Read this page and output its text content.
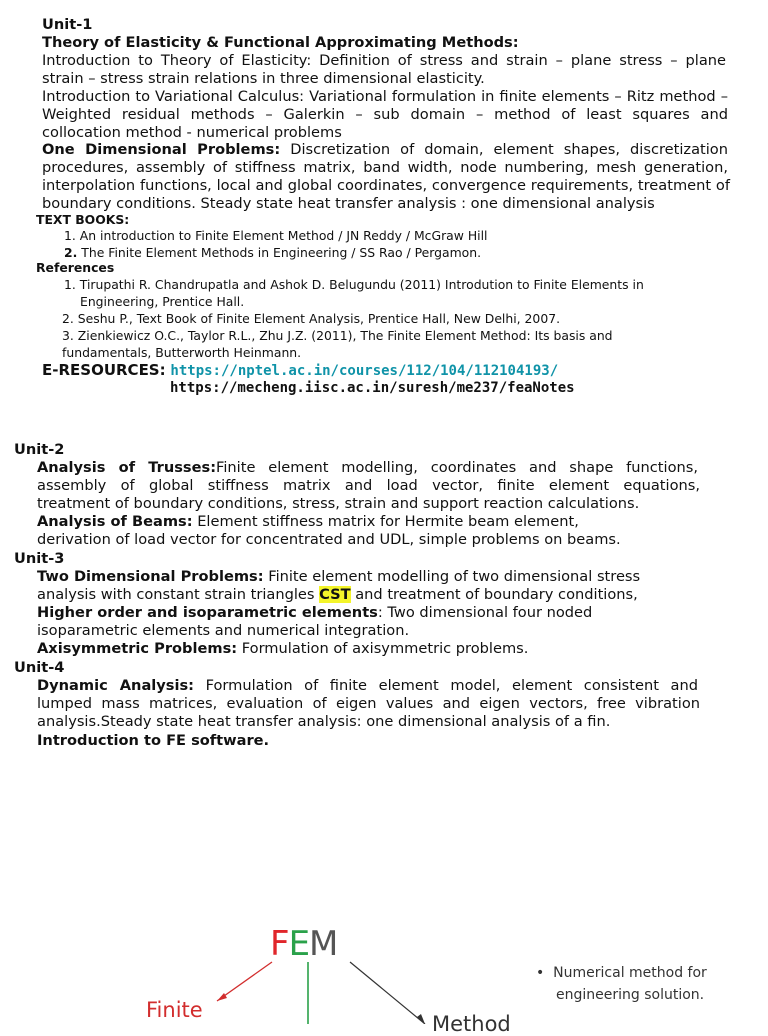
Unit-1
Theory of Elasticity & Functional Approximating Methods:
Introduction to Theory of Elasticity: Definition of stress and strain – plane stress – plane
strain – stress strain relations in three dimensional elasticity.
Introduction to Variational Calculus: Variational formulation in finite elements – Ritz method –
Weighted residual methods – Galerkin – sub domain – method of least squares and
collocation method - numerical problems
One Dimensional Problems: Discretization of domain, element shapes, discretization
procedures, assembly of stiffness matrix, band width, node numbering, mesh generation,
interpolation functions, local and global coordinates, convergence requirements, treatment of
boundary conditions. Steady state heat transfer analysis : one dimensional analysis
TEXT BOOKS:
1. An introduction to Finite Element Method / JN Reddy / McGraw Hill
2. The Finite Element Methods in Engineering / SS Rao / Pergamon.
References
1. Tirupathi R. Chandrupatla and Ashok D. Belugundu (2011) Introdution to Finite Elements in
Engineering, Prentice Hall.
2. Seshu P., Text Book of Finite Element Analysis, Prentice Hall, New Delhi, 2007.
3. Zienkiewicz O.C., Taylor R.L., Zhu J.Z. (2011), The Finite Element Method: Its basis and
fundamentals, Butterworth Heinmann.
E-RESOURCES: https://nptel.ac.in/courses/112/104/112104193/
https://mecheng.iisc.ac.in/suresh/me237/feaNotes
Unit-2
Analysis of Trusses:Finite element modelling, coordinates and shape functions,
assembly of global stiffness matrix and load vector, finite element equations,
treatment of boundary conditions, stress, strain and support reaction calculations.
Analysis of Beams: Element stiffness matrix for Hermite beam element,
derivation of load vector for concentrated and UDL, simple problems on beams.
Unit-3
Two Dimensional Problems: Finite element modelling of two dimensional stress
analysis with constant strain triangles CST and treatment of boundary conditions,
Higher order and isoparametric elements: Two dimensional four noded
isoparametric elements and numerical integration.
Axisymmetric Problems: Formulation of axisymmetric problems.
Unit-4
Dynamic Analysis: Formulation of finite element model, element consistent and
lumped mass matrices, evaluation of eigen values and eigen vectors, free vibration
analysis.Steady state heat transfer analysis: one dimensional analysis of a fin.
Introduction to FE software.
FEM
Finite
Method
•  Numerical method for
engineering solution.
